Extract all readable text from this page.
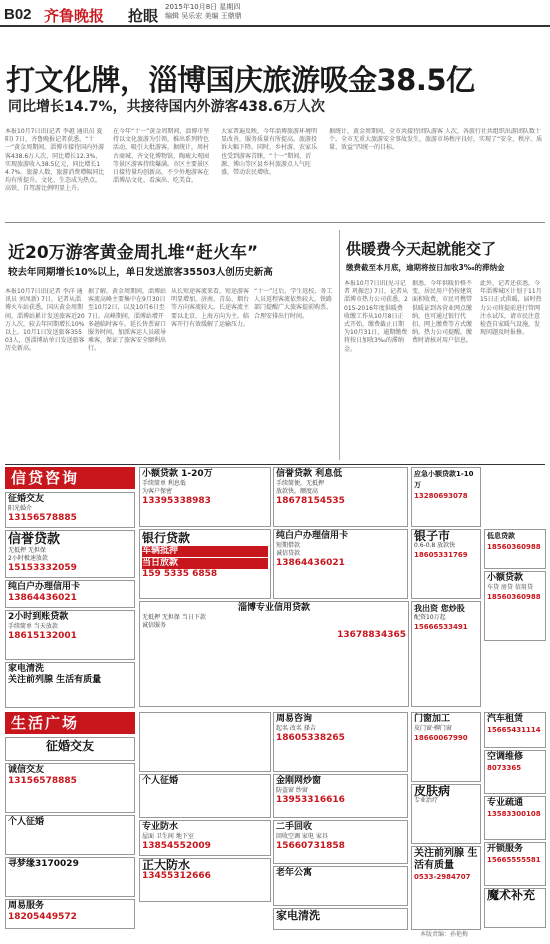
B02 齐鲁晚报 抢眼 2015年10月8日 星期四
编辑 吴乐宏 美编 王鼎鼎
打文化牌，淄博国庆旅游吸金38.5亿
同比增长14.7%，共接待国内外游客438.6万人次
本报10月7日讯(记者 李越 通讯员 夏阳) 7日，齐鲁晚报记者获悉，“十一”黄金周期间，淄博市接待国内外游客438.6万人次，同比增长12.3%，实现旅游收入38.5亿元，同比增长14.7%。旅游人数、旅游消费增幅同比均有所提升。文化、生态成为热点，高铁、自驾游比例明显上升。
在今年“十一”黄金周期间，淄博市坚持以文化旅游为引领，推出系列特色活动，吸引大批游客。据统计，周村古商城、齐文化博物馆、陶琉大观园等景区游客持续爆满。市区主要景区日接待量均创新高，不少外地游客在淄博品文化、看演出、吃美食。
大家普遍反映，今年淄博旅游环境明显改善，服务质量有所提高。旅游投诉大幅下降。同时，乡村游、农家乐也受到游客青睐，“十一”期间，沂源、博山等区县乡村旅游点人气旺盛，带动农民增收。
据统计，黄金周期间，全市共接待团队游客 人次，各旅行社共组织出游团队数十个。全市无重大旅游安全事故发生，旅游市场秩序良好，实现了“安全、秩序、质量、效益”四统一的目标。
近20万游客黄金周扎堆“赶火车”
较去年同期增长10%以上，单日发送旅客35503人创历史新高
本报10月7日讯(记者 李洋 通讯员 刘凤新) 7日，记者从淄博火车站获悉，国庆黄金周期间，淄博站累计发送旅客近20万人次，较去年同期增长10%以上。10月1日发送旅客35503人，创淄博站单日发送旅客历史新高。
据了解，黄金周期间，淄博站客流高峰主要集中在9月30日至10月2日，以及10月6日至7日。高峰期间，淄博站增开多趟临时客车，延长售票窗口服务时间，加派客运人员疏导乘客，保证了旅客安全顺利出行。
从长短途客流来看，短途游客明显增加，济南、青岛、烟台等方向客流较大。长途客流主要以北京、上海方向为主。临客开行有效缓解了运输压力。
“十一”过后，学生返校、务工人员返程客流依然较大，铁路部门提醒广大旅客提前购票，合理安排出行时间。
供暖费今天起就能交了
缴费截至本月底，逾期将按日加收3‰的滞纳金
本报10月7日讯(见习记者 巩振忠) 7日，记者从淄博市热力公司获悉，2015-2016年度供暖费收缴工作从10月8日正式开始，缴费截止日期为10月31日，逾期缴费将按日加收3‰的滞纳金。
据悉，今年供暖价格不变，居民用户仍按建筑面积收费，市民可携带供暖证到各营业网点缴纳，也可通过银行代扣、网上缴费等方式缴纳。热力公司提醒，缴费时请核对用户信息。
此外，记者还获悉，今年淄博城区计划于11月15日正式供暖，届时热力公司将提前进行管网注水试压，请市民注意检查自家暖气设施，发现问题及时报修。
信贷咨询
生活广场
征婚交友
阳光婚介
13156578885
信誉贷款
无抵押 无担保
2小时极速放款
15153332059
纯白户办理信用卡
13864436021
2小时到账贷款
手续简单 当天放款
18615132001
家电清洗
关注前列腺 生活有质量
征婚交友
诚信交友
13156578885
个人征婚
寻梦缘3170029
周易服务
18205449572
小额贷款 1-20万
手续简单 利息低
为客户保密
13395338983
银行贷款
车辆抵押
当日放款
159 5335 6858
淄博专业信用贷款
无抵押 无担保 当日下款
诚信服务
13678834365
个人征婚
专业防水
屋面 卫生间 地下室
13854552009
正大防水
13455312666
信誉贷款 利息低
手续简便，无抵押
放款快，额度高
18678154535
纯白户办理信用卡
短期借款
诚信贷款
13864436021
周易咨询
起名 改名 择吉
18605338265
金刚网炒窗
防盗窗 纱窗
13953316616
二手回收
回收空调 家电 家具
15660731858
老年公寓
家电清洗
应急小额贷款1-10万
13280693078
银子市
0.6-0.8 放款快
18605331769
我出资 您炒股
配资10万起
15666533491
门窗加工
皮门窗·柳门窗
18660067990
皮肤病
专业治疗
关注前列腺 生活有质量
0533-2984707
低息贷款
18560360988
小额贷款
车贷 房贷 信用贷
18560360988
汽车租赁
15665431114
空调维修
8073365
专业疏通
13583300108
开锁服务
15665555581
魔术补充
本版责编：孙艳梅
